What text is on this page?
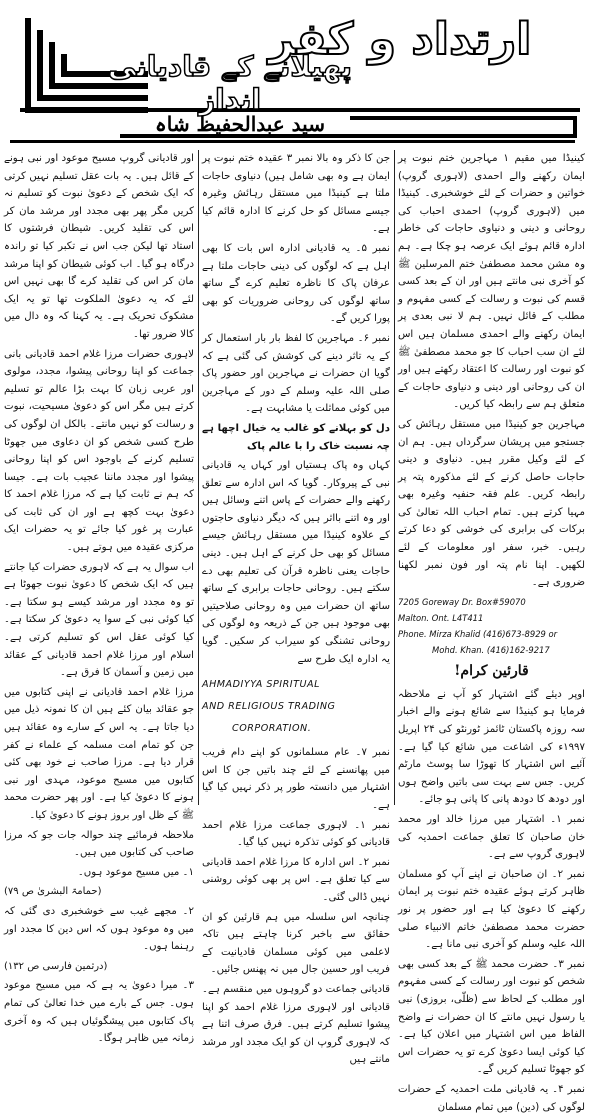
ارتداد و کفر
پھیلانے کے قادیانی انداز
سید عبدالحفیظ شاہ

کینیڈا میں مقیم ۱ مہاجرین ختم نبوت پر ایمان رکھنے والے احمدی (لاہوری گروپ) خواتین و حضرات کے لئے خوشخبری۔ کینیڈا میں (لاہوری گروپ) احمدی احباب کی روحانی و دینی و دنیاوی حاجات کی خاطر ادارہ قائم ہوئے ایک عرصہ ہو چکا ہے۔ ہم وہ مشن محمد مصطفیٰ ختم المرسلین ﷺ کو آخری نبی مانتے ہیں اور ان کے بعد کسی قسم کی نبوت و رسالت کے کسی مفہوم و مطلب کے قائل نہیں۔ ہم لا نبی بعدی پر ایمان رکھنے والے احمدی مسلمان ہیں اس لئے ان سب احباب کا جو محمد مصطفیٰ ﷺ کو نبوت اور رسالت کا اعتقاد رکھتے ہیں اور ان کی روحانی اور دینی و دنیاوی حاجات کے متعلق ہم سے رابطہ کیا کریں۔

مہاجرین جو کینیڈا میں مستقل رہائش کی جستجو میں پریشان سرگرداں ہیں۔ ہم ان کے لئے وکیل مقرر ہیں۔ دنیاوی و دینی حاجات حاصل کرنے کے لئے مذکورہ پتہ پر رابطہ کریں۔ علم فقہ حنفیہ وغیرہ بھی مہیا کرتے ہیں۔ تمام احباب اللہ تعالیٰ کی برکات کی برابری کی خوشی کو دعا کرتے رہیں۔ خبر، سفر اور معلومات کے لئے لکھیں۔ اپنا نام پتہ اور فون نمبر لکھنا ضروری ہے۔

7205 Goreway Dr. Box#59070
Malton. Ont. L4T411
Phone. Mirza Khalid (416)673-8929 or
Mohd. Khan. (416)162-9217
قارئین کرام!

اوپر دیئے گئے اشتہار کو آپ نے ملاحظہ فرمایا ہو کینیڈا سے شائع ہونے والے اخبار سہ روزہ پاکستان ٹائمز ٹورنٹو کی ۲۴ اپریل ۱۹۹۷ء کی اشاعت میں شائع کیا گیا ہے۔ آئیے اس اشتہار کا تھوڑا سا پوسٹ مارٹم کریں۔ جس سے بہت سی باتیں واضح ہوں اور دودھ کا دودھ پانی کا پانی ہو جائے۔

نمبر ۱۔ اشتہار میں مرزا خالد اور محمد خان صاحبان کا تعلق جماعت احمدیہ کی لاہوری گروپ سے ہے۔

نمبر ۲۔ ان صاحبان نے اپنے آپ کو مسلمان ظاہر کرتے ہوئے عقیدہ ختم نبوت پر ایمان رکھنے کا دعویٰ کیا ہے اور حضور پر نور حضرت محمد مصطفیٰ خاتم الانبیاء صلی اللہ علیہ وسلم کو آخری نبی مانا ہے۔

نمبر ۳۔ حضرت محمد ﷺ کے بعد کسی بھی شخص کو نبوت اور رسالت کے کسی مفہوم اور مطلب کے لحاظ سے (ظلّی، بروزی) نبی یا رسول نہیں مانتے کا ان حضرات نے واضح الفاظ میں اس اشتہار میں اعلان کیا ہے۔ کیا کوئی ایسا دعویٰ کرے تو یہ حضرات اس کو جھوٹا تسلیم کریں گے۔

نمبر ۴۔ یہ قادیانی ملت احمدیہ کے حضرات لوگوں کی (دین) میں تمام مسلمان

جن کا ذکر وہ بالا نمبر ۳ عقیدہ ختم نبوت پر ایمان ہے وہ بھی شامل ہیں) دنیاوی حاجات ملتا ہے کینیڈا میں مستقل رہائش وغیرہ جیسے مسائل کو حل کرنے کا ادارہ قائم کیا ہے۔

نمبر ۵۔ یہ قادیانی ادارہ اس بات کا بھی اہل ہے کہ لوگوں کی دینی حاجات ملتا ہے عرفان پاک کا ناظرہ تعلیم کرے گے ساتھ ساتھ لوگوں کی روحانی ضروریات کو بھی پورا کریں گے۔

نمبر ۶۔ مہاجرین کا لفظ بار بار استعمال کر کے یہ تاثر دینے کی کوشش کی گئی ہے کہ گویا ان حضرات نے مہاجرین اور حضور پاک صلی اللہ علیہ وسلم کے دور کے مہاجرین میں کوئی مماثلت یا مشابہت ہے۔

دل کو بہلانے کو غالب یہ خیال اچھا ہے چہ نسبت خاک را با عالم پاک

کہاں وہ پاک ہستیاں اور کہاں یہ قادیانی نبی کے پیروکار۔ گویا کہ اس ادارہ سے تعلق رکھنے والے حضرات کے پاس اتنے وسائل ہیں اور وہ اتنے بااثر ہیں کہ دیگر دنیاوی حاجتوں کے علاوہ کینیڈا میں مستقل رہائش جیسے مسائل کو بھی حل کرنے کے اہل ہیں۔ دینی حاجات یعنی ناظرہ قرآن کی تعلیم بھی دے سکتے ہیں۔ روحانی حاجات برابری کے ساتھ ساتھ ان حضرات میں وہ روحانی صلاحیتیں بھی موجود ہیں جن کے ذریعہ وہ لوگوں کی روحانی تشنگی کو سیراب کر سکیں۔ گویا یہ ادارہ ایک طرح سے

AHMADIYYA SPIRITUAL
AND RELIGIOUS TRADING
CORPORATION.

نمبر ۷۔ عام مسلمانوں کو اپنے دام فریب میں پھانسنے کے لئے چند باتیں جن کا اس اشتہار میں دانستہ طور پر ذکر نہیں کیا گیا ہے۔

نمبر ۱۔ لاہوری جماعت مرزا غلام احمد قادیانی کو کوئی تذکرہ نہیں کیا گیا۔

نمبر ۲۔ اس ادارہ کا مرزا غلام احمد قادیانی سے کیا تعلق ہے۔ اس پر بھی کوئی روشنی نہیں ڈالی گئی۔

چنانچہ اس سلسلہ میں ہم قارئین کو ان حقائق سے باخبر کرنا چاہتے ہیں تاکہ لاعلمی میں کوئی مسلمان قادیانیت کے فریب اور حسین جال میں نہ پھنس جائیں۔

قادیانی جماعت دو گروہوں میں منقسم ہے۔ قادیانی اور لاہوری مرزا غلام احمد کو اپنا پیشوا تسلیم کرتے ہیں۔ فرق صرف اتنا ہے کہ لاہوری گروپ ان کو ایک مجدد اور مرشد مانتے ہیں

اور قادیانی گروپ مسیح موعود اور نبی ہونے کے قائل ہیں۔ یہ بات عقل تسلیم نہیں کرتی کہ ایک شخص کے دعویٰ نبوت کو تسلیم نہ کریں مگر پھر بھی مجدد اور مرشد مان کر اس کی تقلید کریں۔ شیطان فرشتوں کا استاد تھا لیکن جب اس نے تکبر کیا تو راندہ درگاہ ہو گیا۔ اب کوئی شیطان کو اپنا مرشد مان کر اس کی تقلید کرے گا بھی نہیں اس لئے کہ یہ دعویٰ الملکوت تھا تو یہ ایک مشکوک تحریک ہے۔ یہ کہنا کہ وہ دال میں کالا ضرور تھا۔

لاہوری حضرات مرزا غلام احمد قادیانی بانی جماعت کو اپنا روحانی پیشوا، مجدد، مولوی اور عربی زبان کا بہت بڑا عالم تو تسلیم کرتے ہیں مگر اس کو دعویٰ مسیحیت، نبوت و رسالت کو نہیں مانتے۔ بالکل ان لوگوں کی طرح کسی شخص کو ان دعاوی میں جھوٹا تسلیم کرنے کے باوجود اس کو اپنا روحانی پیشوا اور مجدد ماننا عجیب بات ہے۔ جیسا کہ ہم نے ثابت کیا ہے کہ مرزا غلام احمد کا دعویٰ بہت کچھ ہے اور ان کی ثابت کی عبارت پر غور کیا جائے تو یہ حضرات ایک مرکزی عقیدہ میں ہوتے ہیں۔

اب سوال یہ ہے کہ لاہوری حضرات کیا جانتے ہیں کہ ایک شخص کا دعویٰ نبوت جھوٹا ہے تو وہ مجدد اور مرشد کیسے ہو سکتا ہے۔ کیا کوئی نبی کے سوا یہ دعویٰ کر سکتا ہے۔ کیا کوئی عقل اس کو تسلیم کرتی ہے۔ اسلام اور مرزا غلام احمد قادیانی کے عقائد میں زمین و آسمان کا فرق ہے۔

مرزا غلام احمد قادیانی نے اپنی کتابوں میں جو عقائد بیان کئے ہیں ان کا نمونہ ذیل میں دیا جاتا ہے۔ یہ اس کے سارے وہ عقائد ہیں جن کو تمام امت مسلمہ کے علماء نے کفر قرار دیا ہے۔ مرزا صاحب نے خود بھی کئی کتابوں میں مسیح موعود، مہدی اور نبی ہونے کا دعویٰ کیا ہے۔ اور پھر حضرت محمد ﷺ کے ظل اور بروز ہونے کا دعویٰ کیا۔

ملاحظہ فرمائیے چند حوالہ جات جو کہ مرزا صاحب کی کتابوں میں ہیں۔

۱۔ میں مسیح موعود ہوں۔

(حمامۃ البشریٰ ص ۷۹)

۲۔ مجھے غیب سے خوشخبری دی گئی کہ میں وہ موعود ہوں کہ اس دین کا مجدد اور رہنما ہوں۔

(درثمین فارسی ص ۱۳۲)

۳۔ میرا دعویٰ یہ ہے کہ میں مسیح موعود ہوں۔ جس کے بارے میں خدا تعالیٰ کی تمام پاک کتابوں میں پیشگوئیاں ہیں کہ وہ آخری زمانہ میں ظاہر ہوگا۔
